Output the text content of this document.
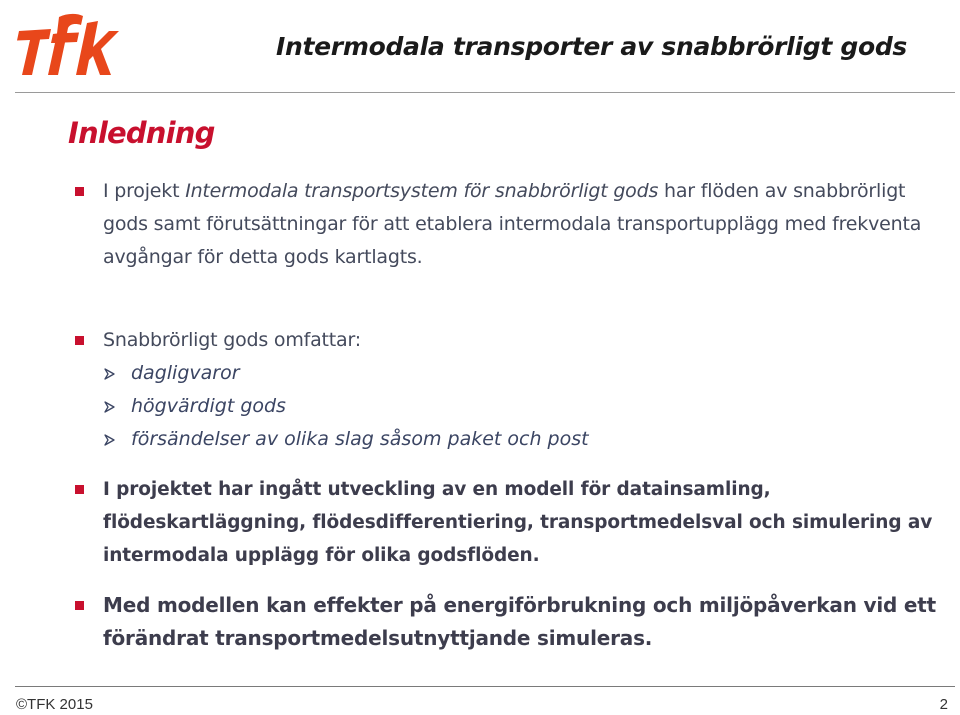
Intermodala transporter av snabbrörligt gods
Inledning
I projekt Intermodala transportsystem för snabbrörligt gods har flöden av snabbrörligt gods samt förutsättningar för att etablera intermodala transportupplägg med frekventa avgångar för detta gods kartlagts.
Snabbrörligt gods omfattar:
dagligvaror
högvärdigt gods
försändelser av olika slag såsom paket och post
I projektet har ingått utveckling av en modell för datainsamling, flödeskartläggning, flödesdifferentiering, transportmedelsval och simulering av intermodala upplägg för olika godsflöden.
Med modellen kan effekter på energiförbrukning och miljöpåverkan vid ett förändrat transportmedelsutnyttjande simuleras.
©TFK 2015	2
